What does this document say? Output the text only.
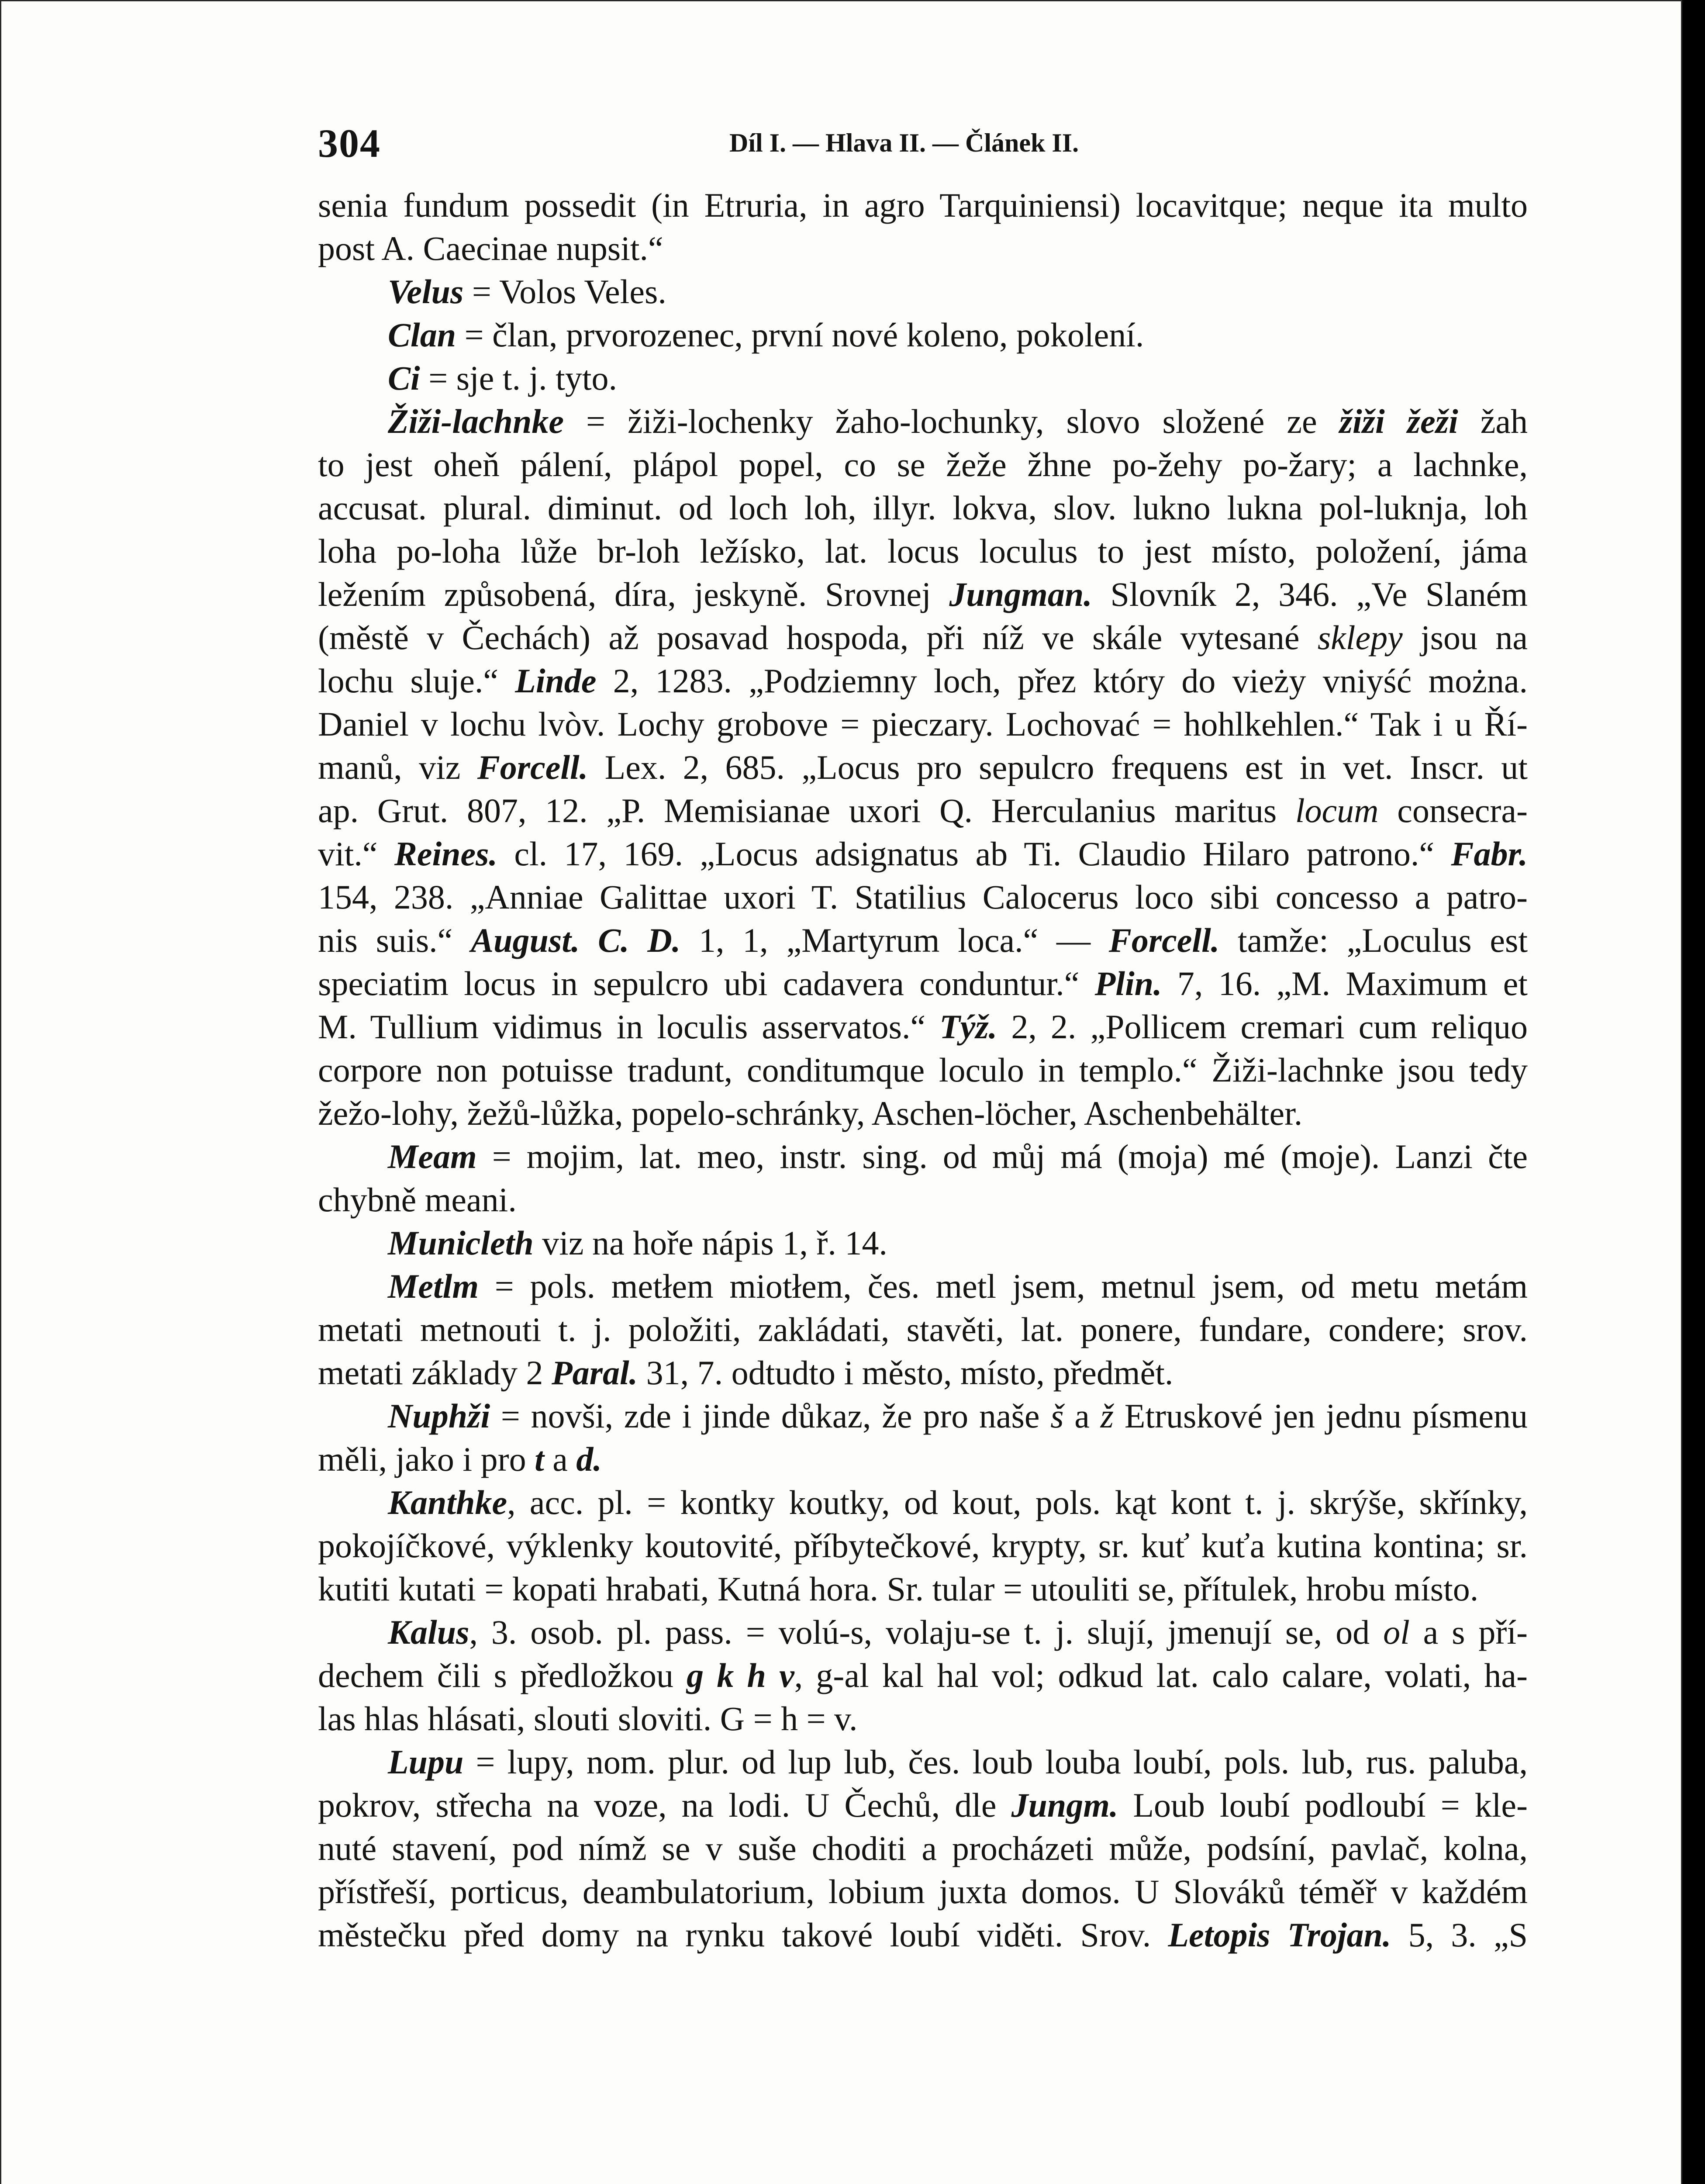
304	Díl I. — Hlava II. — Článek II.
senia fundum possedit (in Etruria, in agro Tarquiniensi) locavitque; neque ita multo
post A. Caecinae nupsit.“
Velus = Volos Veles.
Clan = član, prvorozenec, první nové koleno, pokolení.
Ci = sje t. j. tyto.
Žiži-lachnke = žiži-lochenky žaho-lochunky, slovo složené ze žiži žeži žah
to jest oheň pálení, plápol popel, co se žeže žhne po-žehy po-žary; a lachnke,
accusat. plural. diminut. od loch loh, illyr. lokva, slov. lukno lukna pol-luknja, loh
loha po-loha lůže br-loh ležísko, lat. locus loculus to jest místo, položení, jáma
ležením způsobená, díra, jeskyně. Srovnej Jungman. Slovník 2, 346. „Ve Slaném
(městě v Čechách) až posavad hospoda, při níž ve skále vytesané sklepy jsou na
lochu sluje.“ Linde 2, 1283. „Podziemny loch, přez który do vieży vniyść można.
Daniel v lochu lvòv. Lochy grobove = pieczary. Lochovać = hohlkehlen.“ Tak i u Ří-
manů, viz Forcell. Lex. 2, 685. „Locus pro sepulcro frequens est in vet. Inscr. ut
ap. Grut. 807, 12. „P. Memisianae uxori Q. Herculanius maritus locum consecra-
vit.“ Reines. cl. 17, 169. „Locus adsignatus ab Ti. Claudio Hilaro patrono.“ Fabr.
154, 238. „Anniae Galittae uxori T. Statilius Calocerus loco sibi concesso a patro-
nis suis.“ August. C. D. 1, 1, „Martyrum loca.“ — Forcell. tamže: „Loculus est
speciatim locus in sepulcro ubi cadavera conduntur.“ Plin. 7, 16. „M. Maximum et
M. Tullium vidimus in loculis asservatos.“ Týž. 2, 2. „Pollicem cremari cum reliquo
corpore non potuisse tradunt, conditumque loculo in templo.“ Žiži-lachnke jsou tedy
žežo-lohy, žežů-lůžka, popelo-schránky, Aschen-löcher, Aschenbehälter.
Meam = mojim, lat. meo, instr. sing. od můj má (moja) mé (moje). Lanzi čte
chybně meani.
Municleth viz na hoře nápis 1, ř. 14.
Metlm = pols. metłem miotłem, čes. metl jsem, metnul jsem, od metu metám
metati metnouti t. j. položiti, zakládati, stavěti, lat. ponere, fundare, condere; srov.
metati základy 2 Paral. 31, 7. odtudto i město, místo, předmět.
Nuphži = novši, zde i jinde důkaz, že pro naše š a ž Etruskové jen jednu písmenu
měli, jako i pro t a d.
Kanthke, acc. pl. = kontky koutky, od kout, pols. kąt kont t. j. skrýše, skřínky,
pokojíčkové, výklenky koutovité, příbytečkové, krypty, sr. kuť kuťa kutina kontina; sr.
kutiti kutati = kopati hrabati, Kutná hora. Sr. tular = utouliti se, přítulek, hrobu místo.
Kalus, 3. osob. pl. pass. = volú-s, volaju-se t. j. slují, jmenují se, od ol a s pří-
dechem čili s předložkou g k h v, g-al kal hal vol; odkud lat. calo calare, volati, ha-
las hlas hlásati, slouti sloviti. G = h = v.
Lupu = lupy, nom. plur. od lup lub, čes. loub louba loubí, pols. lub, rus. paluba,
pokrov, střecha na voze, na lodi. U Čechů, dle Jungm. Loub loubí podloubí = kle-
nuté stavení, pod nímž se v suše choditi a procházeti může, podsíní, pavlač, kolna,
přístřeší, porticus, deambulatorium, lobium juxta domos. U Slováků téměř v každém
městečku před domy na rynku takové loubí viděti. Srov. Letopis Trojan. 5, 3. „S
